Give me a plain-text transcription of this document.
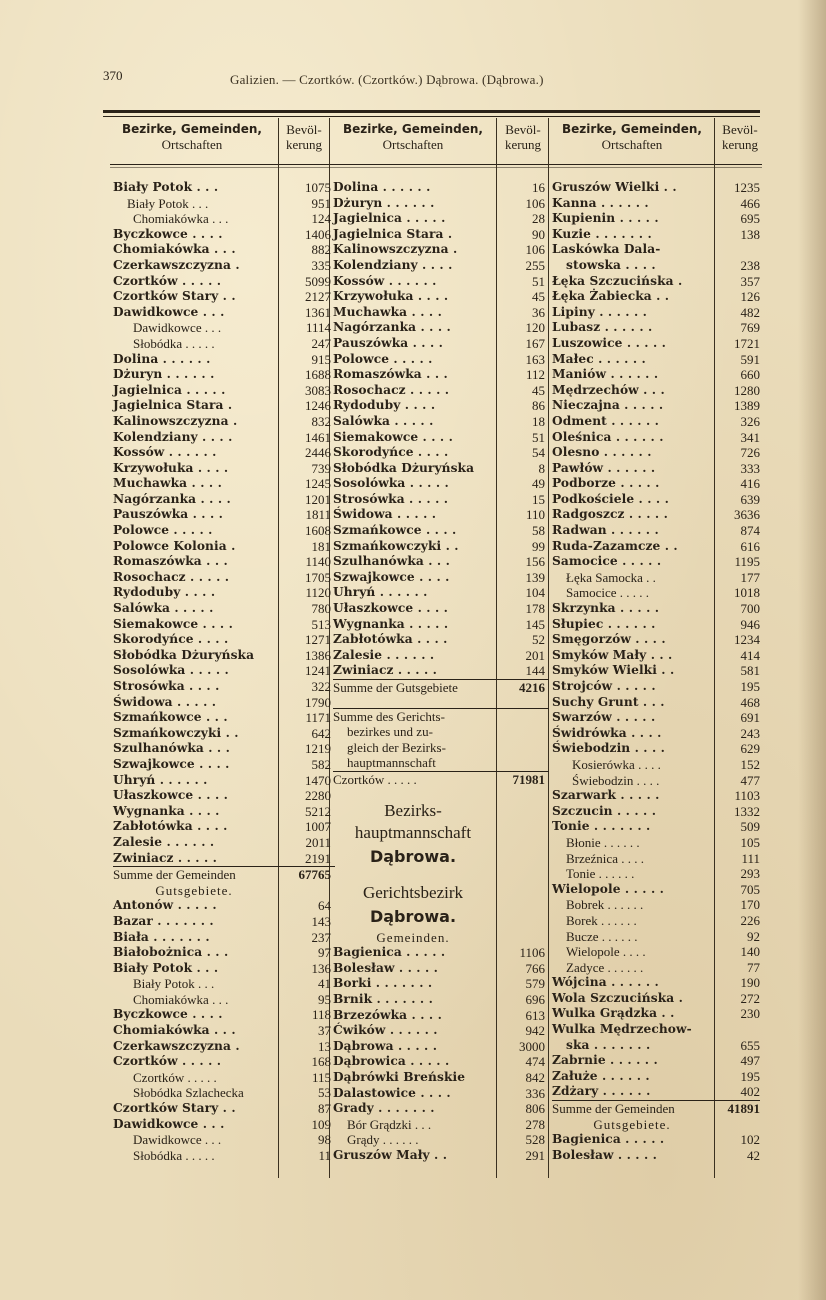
370	Galizien. — Czortków. (Czortków.) Dąbrowa. (Dąbrowa.)
Bezirke, Gemeinden,
Ortschaften
Bevöl-
kerung
Bezirke, Gemeinden,
Ortschaften
Bevöl-
kerung
Bezirke, Gemeinden,
Ortschaften
Bevöl-
kerung
Biały Potok . . .	1075
Biały Potok . . .	951
Chomiakówka . . .	124
Byczkowce . . . .	1406
Chomiakówka . . .	882
Czerkawszczyzna .	335
Czortków . . . . .	5099
Czortków Stary . .	2127
Dawidkowce . . .	1361
Dawidkowce . . .	1114
Słobódka . . . . .	247
Dolina . . . . . .	915
Dżuryn . . . . . .	1688
Jagielnica . . . . .	3083
Jagielnica Stara .	1246
Kalinowszczyzna .	832
Kolendziany . . . .	1461
Kossów . . . . . .	2446
Krzywołuka . . . .	739
Muchawka . . . .	1245
Nagórzanka . . . .	1201
Pauszówka . . . .	1811
Polowce . . . . .	1608
Polowce Kolonia .	181
Romaszówka . . .	1140
Rosochacz . . . . .	1705
Rydoduby . . . .	1120
Salówka . . . . .	780
Siemakowce . . . .	513
Skorodyńce . . . .	1271
Słobódka Dżuryńska	1386
Sosolówka . . . . .	1241
Strosówka . . . .	322
Świdowa . . . . .	1790
Szmańkowce . . .	1171
Szmańkowczyki . .	642
Szulhanówka . . .	1219
Szwajkowce . . . .	582
Uhryń . . . . . .	1470
Ułaszkowce . . . .	2280
Wygnanka . . . .	5212
Zabłotówka . . . .	1007
Zalesie . . . . . .	2011
Zwiniacz . . . . .	2191
Summe der Gemeinden	67765
Gutsgebiete.
Antonów . . . . .	64
Bazar . . . . . . .	143
Biała . . . . . . .	237
Białobożnica . . .	97
Biały Potok . . .	136
Biały Potok . . .	41
Chomiakówka . . .	95
Byczkowce . . . .	118
Chomiakówka . . .	37
Czerkawszczyzna .	13
Czortków . . . . .	168
Czortków . . . . .	115
Słobódka Szlachecka	53
Czortków Stary . .	87
Dawidkowce . . .	109
Dawidkowce . . .	98
Słobódka . . . . .	11
Dolina . . . . . .	16
Dżuryn . . . . . .	106
Jagielnica . . . . .	28
Jagielnica Stara .	90
Kalinowszczyzna .	106
Kolendziany . . . .	255
Kossów . . . . . .	51
Krzywołuka . . . .	45
Muchawka . . . .	36
Nagórzanka . . . .	120
Pauszówka . . . .	167
Polowce . . . . .	163
Romaszówka . . .	112
Rosochacz . . . . .	45
Rydoduby . . . .	86
Salówka . . . . .	18
Siemakowce . . . .	51
Skorodyńce . . . .	54
Słobódka Dżuryńska	8
Sosolówka . . . . .	49
Strosówka . . . . .	15
Świdowa . . . . .	110
Szmańkowce . . . .	58
Szmańkowczyki . .	99
Szulhanówka . . .	156
Szwajkowce . . . .	139
Uhryń . . . . . .	104
Ułaszkowce . . . .	178
Wygnanka . . . . .	145
Zabłotówka . . . .	52
Zalesie . . . . . .	201
Zwiniacz . . . . .	144
Summe der Gutsgebiete	4216
Summe des Gerichts-
bezirkes und zu-
gleich der Bezirks-
hauptmannschaft
Czortków . . . . .	71981
Bezirks-
hauptmannschaft
Dąbrowa.
Gerichtsbezirk
Dąbrowa.
Gemeinden.
Bagienica . . . . .	1106
Bolesław . . . . .	766
Borki . . . . . . .	579
Brnik . . . . . . .	696
Brzezówka . . . .	613
Ćwików . . . . . .	942
Dąbrowa . . . . .	3000
Dąbrowica . . . . .	474
Dąbrówki Breńskie	842
Dalastowice . . . .	336
Grady . . . . . . .	806
Bór Grądzki . . .	278
Grądy . . . . . .	528
Gruszów Mały . .	291
Gruszów Wielki . .	1235
Kanna . . . . . .	466
Kupienin . . . . .	695
Kuzie . . . . . . .	138
Laskówka Dala-
stowska . . . .	238
Łęka Szczucińska .	357
Łęka Żabiecka . .	126
Lipiny . . . . . .	482
Lubasz . . . . . .	769
Luszowice . . . . .	1721
Małec . . . . . .	591
Maniów . . . . . .	660
Mędrzechów . . .	1280
Nieczajna . . . . .	1389
Odment . . . . . .	326
Oleśnica . . . . . .	341
Olesno . . . . . .	726
Pawłów . . . . . .	333
Podborze . . . . .	416
Podkościele . . . .	639
Radgoszcz . . . . .	3636
Radwan . . . . . .	874
Ruda-Zazamcze . .	616
Samocice . . . . .	1195
Łęka Samocka . .	177
Samocice . . . . .	1018
Skrzynka . . . . .	700
Słupiec . . . . . .	946
Smęgorzów . . . .	1234
Smyków Mały . . .	414
Smyków Wielki . .	581
Strojców . . . . .	195
Suchy Grunt . . .	468
Swarzów . . . . .	691
Świdrówka . . . .	243
Świebodzin . . . .	629
Kosierówka . . . .	152
Świebodzin . . . .	477
Szarwark . . . . .	1103
Szczucin . . . . .	1332
Tonie . . . . . . .	509
Błonie . . . . . .	105
Brzeźnica . . . .	111
Tonie . . . . . .	293
Wielopole . . . . .	705
Bobrek . . . . . .	170
Borek . . . . . .	226
Bucze . . . . . .	92
Wielopole . . . .	140
Zadyce . . . . . .	77
Wójcina . . . . . .	190
Wola Szczucińska .	272
Wulka Grądzka . .	230
Wulka Mędrzechow-
ska . . . . . . .	655
Zabrnie . . . . . .	497
Załuże . . . . . .	195
Zdżary . . . . . .	402
Summe der Gemeinden	41891
Gutsgebiete.
Bagienica . . . . .	102
Bolesław . . . . .	42
